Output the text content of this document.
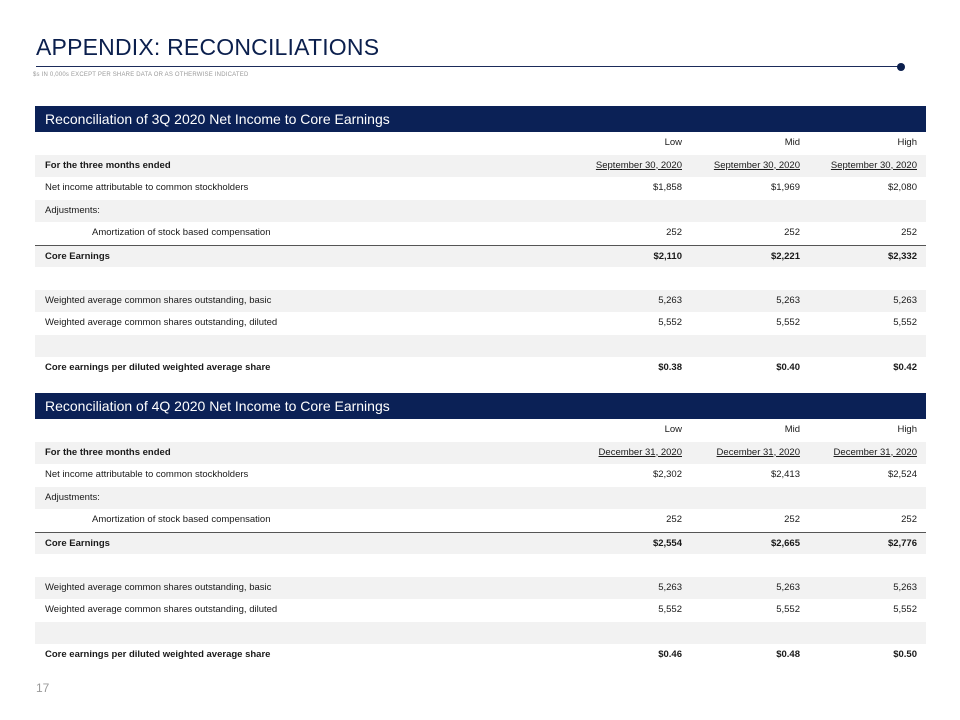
APPENDIX: RECONCILIATIONS
$s IN 0,000s EXCEPT PER SHARE DATA OR AS OTHERWISE INDICATED
Reconciliation of 3Q 2020 Net Income to Core Earnings
Low	Mid	High
For the three months ended	September 30, 2020	September 30, 2020	September 30, 2020
Net income attributable to common stockholders	$1,858	$1,969	$2,080
Adjustments:
Amortization of stock based compensation	252	252	252
Core Earnings	$2,110	$2,221	$2,332
Weighted average common shares outstanding, basic	5,263	5,263	5,263
Weighted average common shares outstanding, diluted	5,552	5,552	5,552
Core earnings per diluted weighted average share	$0.38	$0.40	$0.42
Reconciliation of 4Q 2020 Net Income to Core Earnings
Low	Mid	High
For the three months ended	December 31, 2020	December 31, 2020	December 31, 2020
Net income attributable to common stockholders	$2,302	$2,413	$2,524
Adjustments:
Amortization of stock based compensation	252	252	252
Core Earnings	$2,554	$2,665	$2,776
Weighted average common shares outstanding, basic	5,263	5,263	5,263
Weighted average common shares outstanding, diluted	5,552	5,552	5,552
Core earnings per diluted weighted average share	$0.46	$0.48	$0.50
17
